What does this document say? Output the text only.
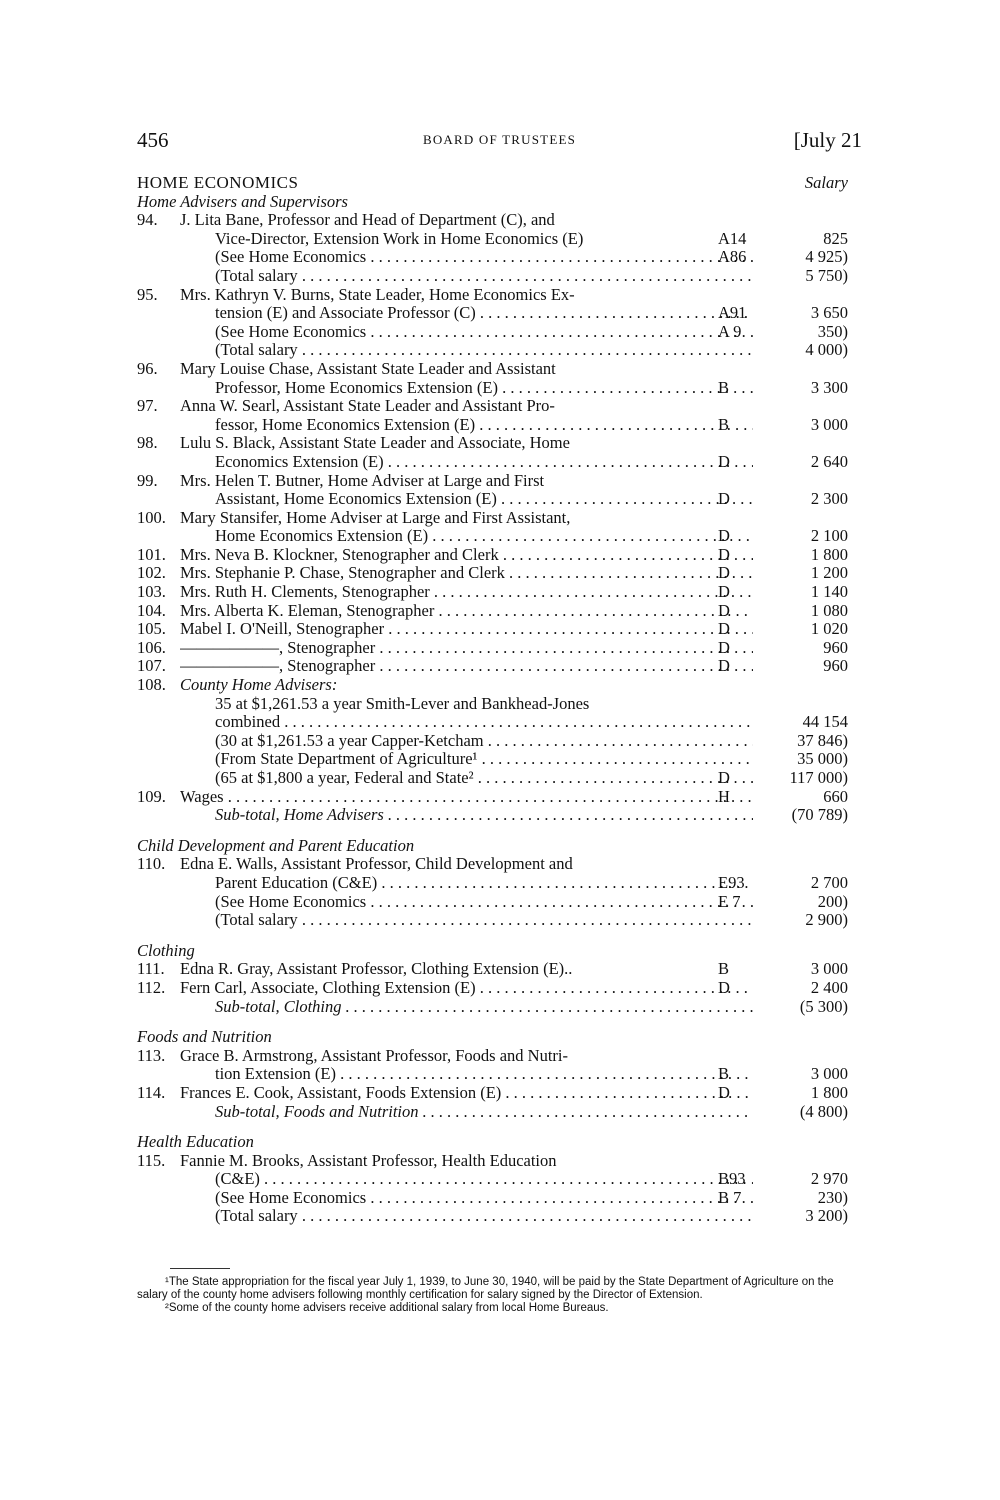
456	BOARD OF TRUSTEES	[July 21
HOME ECONOMICS	Salary
Home Advisers and Supervisors
94.	J. Lita Bane, Professor and Head of Department (C), and
Vice-Director, Extension Work in Home Economics (E)	A14	825
(See Home Economics . . .	A86	4 925)
(Total salary . . .	5 750)
95.	Mrs. Kathryn V. Burns, State Leader, Home Economics Ex-
tension (E) and Associate Professor (C) . . .	A91	3 650
(See Home Economics . . .	A 9	350)
(Total salary . . .	4 000)
96.	Mary Louise Chase, Assistant State Leader and Assistant
Professor, Home Economics Extension (E) . . .	B	3 300
97.	Anna W. Searl, Assistant State Leader and Assistant Pro-
fessor, Home Economics Extension (E) . . .	B	3 000
98.	Lulu S. Black, Assistant State Leader and Associate, Home
Economics Extension (E) . . .	D	2 640
99.	Mrs. Helen T. Butner, Home Adviser at Large and First
Assistant, Home Economics Extension (E) . . .	D	2 300
100. Mary Stansifer, Home Adviser at Large and First Assistant,
Home Economics Extension (E) . . .	D	2 100
101. Mrs. Neva B. Klockner, Stenographer and Clerk . . .	D	1 800
102. Mrs. Stephanie P. Chase, Stenographer and Clerk . . .	D	1 200
103. Mrs. Ruth H. Clements, Stenographer . . .	D	1 140
104. Mrs. Alberta K. Eleman, Stenographer . . .	D	1 080
105. Mabel I. O'Neill, Stenographer . . .	D	1 020
106. ——————, Stenographer . . .	D	960
107. ——————, Stenographer . . .	D	960
108. County Home Advisers:
35 at $1,261.53 a year Smith-Lever and Bankhead-Jones
combined . . .	44 154
(30 at $1,261.53 a year Capper-Ketcham . . .	37 846)
(From State Department of Agriculture¹ . . .	35 000)
(65 at $1,800 a year, Federal and State² . . .	D	117 000)
109. Wages . . .	H	660
Sub-total, Home Advisers . . .	(70 789)
Child Development and Parent Education
110. Edna E. Walls, Assistant Professor, Child Development and
Parent Education (C&E) . . .	E93	2 700
(See Home Economics . . .	E 7	200)
(Total salary . . .	2 900)
Clothing
111. Edna R. Gray, Assistant Professor, Clothing Extension (E)..	B	3 000
112. Fern Carl, Associate, Clothing Extension (E) . . .	D	2 400
Sub-total, Clothing . . .	(5 300)
Foods and Nutrition
113. Grace B. Armstrong, Assistant Professor, Foods and Nutri-
tion Extension (E) . . .	B	3 000
114. Frances E. Cook, Assistant, Foods Extension (E) . . .	D	1 800
Sub-total, Foods and Nutrition . . .	(4 800)
Health Education
115. Fannie M. Brooks, Assistant Professor, Health Education
(C&E) . . .	B93	2 970
(See Home Economics . . .	B 7	230)
(Total salary . . .	3 200)

¹The State appropriation for the fiscal year July 1, 1939, to June 30, 1940, will be paid by the State Department of Agriculture on the salary of the county home advisers following monthly certification for salary signed by the Director of Extension.

²Some of the county home advisers receive additional salary from local Home Bureaus.
